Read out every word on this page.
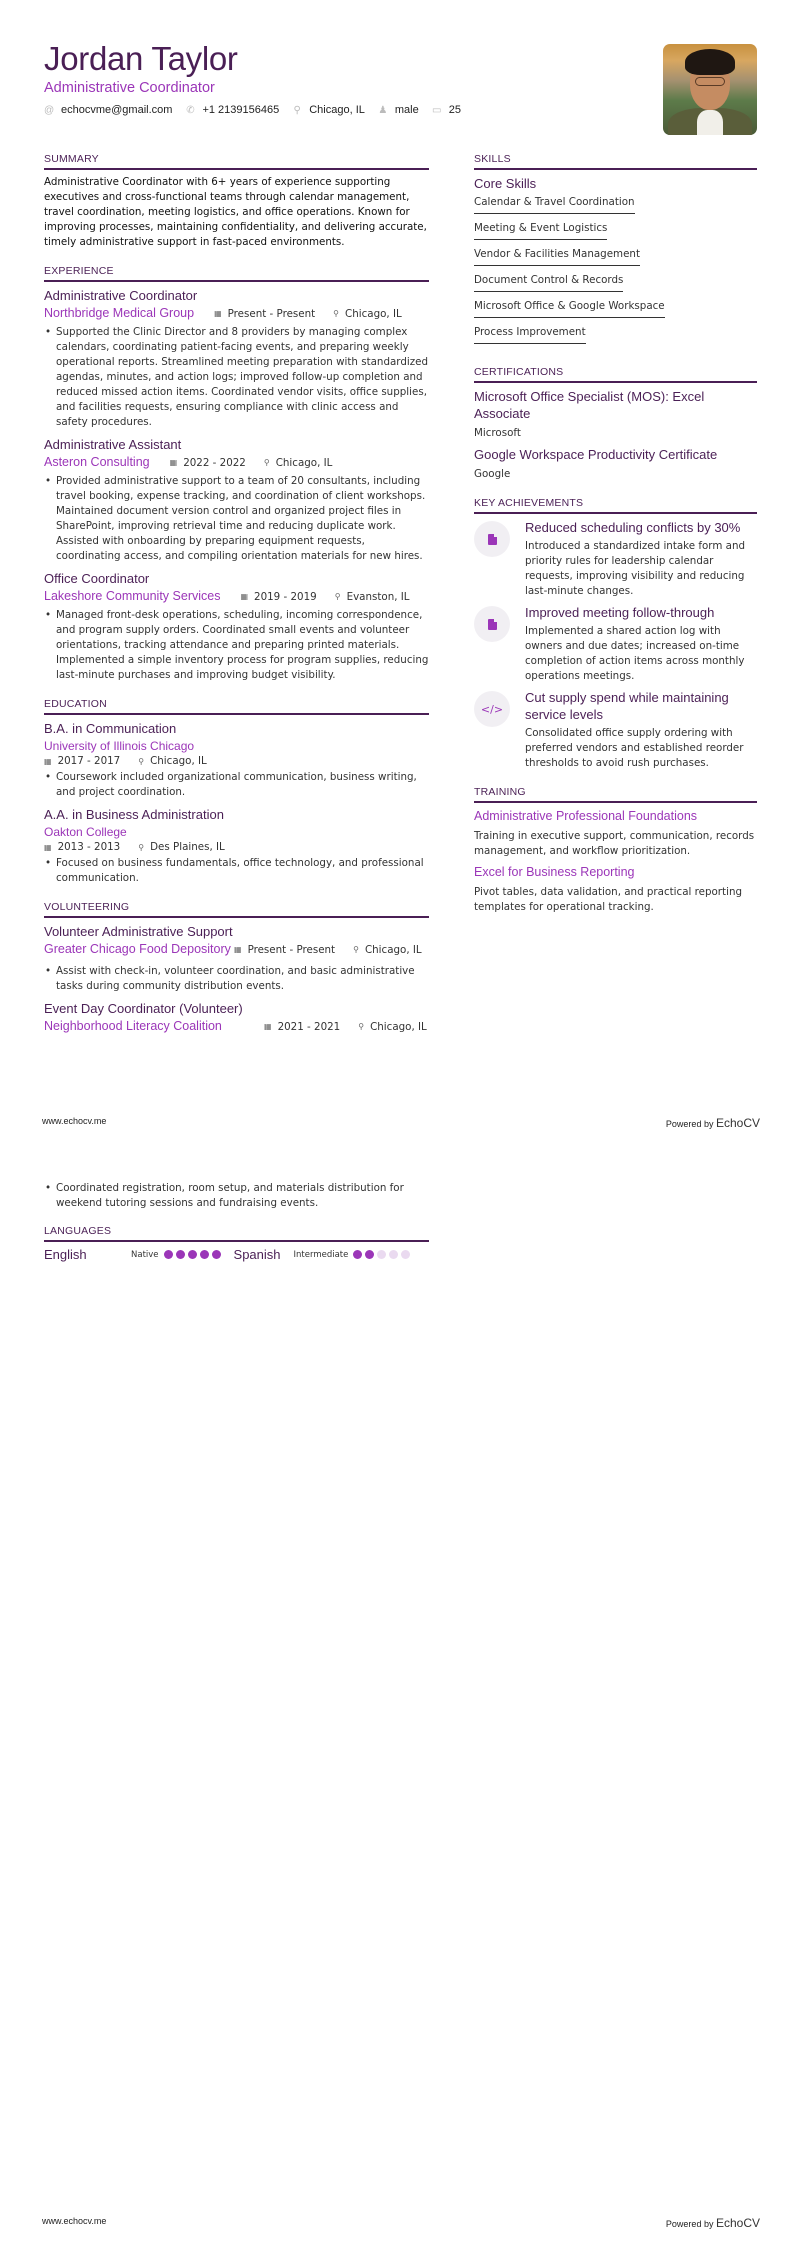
Jordan Taylor
Administrative Coordinator
@ echocvme@gmail.com ✆ +1 2139156465 ⚲ Chicago, IL ♟ male ▭ 25
SUMMARY
Administrative Coordinator with 6+ years of experience supporting executives and cross-functional teams through calendar management, travel coordination, meeting logistics, and office operations. Known for improving processes, maintaining confidentiality, and delivering accurate, timely administrative support in fast-paced environments.
EXPERIENCE
Administrative Coordinator
Northbridge Medical Group	▦ Present - Present ⚲ Chicago, IL
• Supported the Clinic Director and 8 providers by managing complex calendars, coordinating patient-facing events, and preparing weekly operational reports. Streamlined meeting preparation with standardized agendas, minutes, and action logs; improved follow-up completion and reduced missed action items. Coordinated vendor visits, office supplies, and facilities requests, ensuring compliance with clinic access and safety procedures.
Administrative Assistant
Asteron Consulting	▦ 2022 - 2022 ⚲ Chicago, IL
• Provided administrative support to a team of 20 consultants, including travel booking, expense tracking, and coordination of client workshops. Maintained document version control and organized project files in SharePoint, improving retrieval time and reducing duplicate work. Assisted with onboarding by preparing equipment requests, coordinating access, and compiling orientation materials for new hires.
Office Coordinator
Lakeshore Community Services	▦ 2019 - 2019 ⚲ Evanston, IL
• Managed front-desk operations, scheduling, incoming correspondence, and program supply orders. Coordinated small events and volunteer orientations, tracking attendance and preparing printed materials. Implemented a simple inventory process for program supplies, reducing last-minute purchases and improving budget visibility.
EDUCATION
B.A. in Communication
University of Illinois Chicago
▦ 2017 - 2017 ⚲ Chicago, IL
• Coursework included organizational communication, business writing, and project coordination.
A.A. in Business Administration
Oakton College
▦ 2013 - 2013 ⚲ Des Plaines, IL
• Focused on business fundamentals, office technology, and professional communication.
VOLUNTEERING
Volunteer Administrative Support
Greater Chicago Food Depository ▦ Present - Present ⚲ Chicago, IL
• Assist with check-in, volunteer coordination, and basic administrative tasks during community distribution events.
Event Day Coordinator (Volunteer)
Neighborhood Literacy Coalition	▦ 2021 - 2021 ⚲ Chicago, IL
SKILLS
Core Skills
Calendar & Travel Coordination
Meeting & Event Logistics
Vendor & Facilities Management
Document Control & Records
Microsoft Office & Google Workspace
Process Improvement
CERTIFICATIONS
Microsoft Office Specialist (MOS): Excel Associate
Microsoft
Google Workspace Productivity Certificate
Google
KEY ACHIEVEMENTS
Reduced scheduling conflicts by 30%
Introduced a standardized intake form and priority rules for leadership calendar requests, improving visibility and reducing last-minute changes.
Improved meeting follow-through
Implemented a shared action log with owners and due dates; increased on-time completion of action items across monthly operations meetings.
</>
Cut supply spend while maintaining service levels
Consolidated office supply ordering with preferred vendors and established reorder thresholds to avoid rush purchases.
TRAINING
Administrative Professional Foundations
Training in executive support, communication, records management, and workflow prioritization.
Excel for Business Reporting
Pivot tables, data validation, and practical reporting templates for operational tracking.
www.echocv.me	Powered by EchoCV
• Coordinated registration, room setup, and materials distribution for weekend tutoring sessions and fundraising events.
LANGUAGES
English	Native	Spanish	Intermediate
www.echocv.me	Powered by EchoCV
